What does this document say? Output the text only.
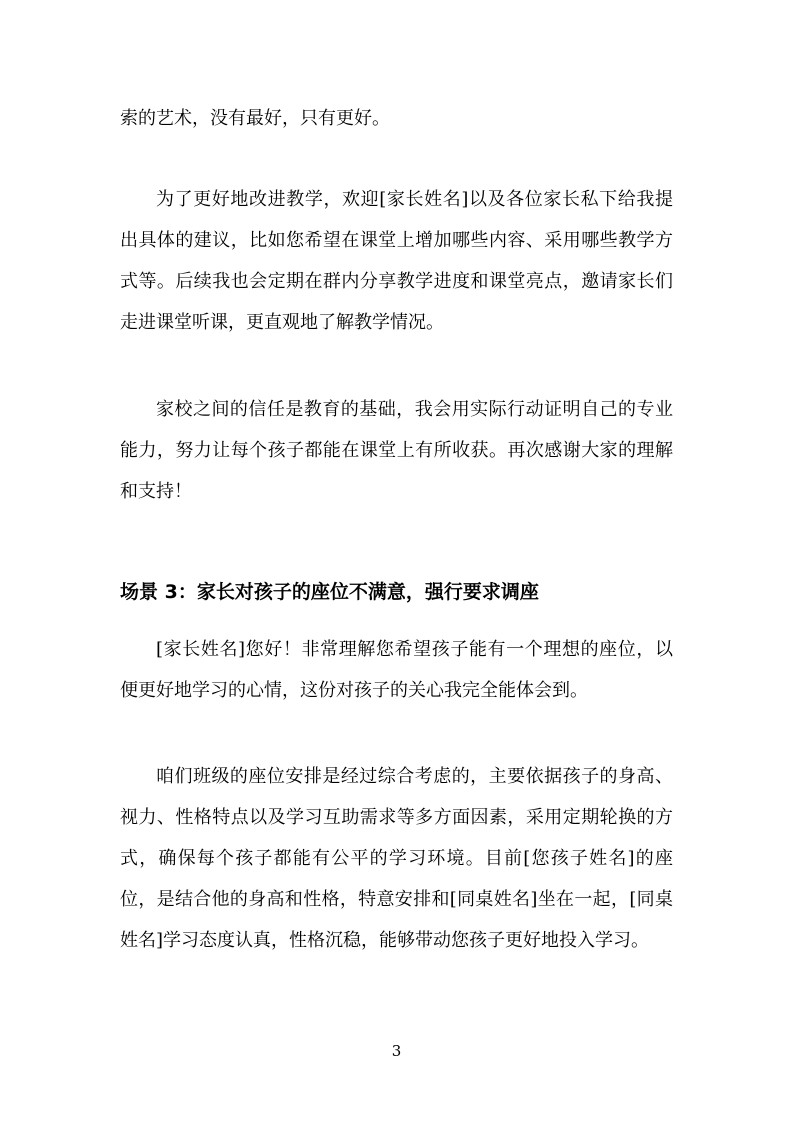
索的艺术，没有最好，只有更好。

为了更好地改进教学，欢迎[家长姓名]以及各位家长私下给我提出具体的建议，比如您希望在课堂上增加哪些内容、采用哪些教学方式等。后续我也会定期在群内分享教学进度和课堂亮点，邀请家长们走进课堂听课，更直观地了解教学情况。

家校之间的信任是教育的基础，我会用实际行动证明自己的专业能力，努力让每个孩子都能在课堂上有所收获。再次感谢大家的理解和支持！

场景 3：家长对孩子的座位不满意，强行要求调座

[家长姓名]您好！非常理解您希望孩子能有一个理想的座位，以便更好地学习的心情，这份对孩子的关心我完全能体会到。

咱们班级的座位安排是经过综合考虑的，主要依据孩子的身高、视力、性格特点以及学习互助需求等多方面因素，采用定期轮换的方式，确保每个孩子都能有公平的学习环境。目前[您孩子姓名]的座位，是结合他的身高和性格，特意安排和[同桌姓名]坐在一起，[同桌姓名]学习态度认真，性格沉稳，能够带动您孩子更好地投入学习。

3
